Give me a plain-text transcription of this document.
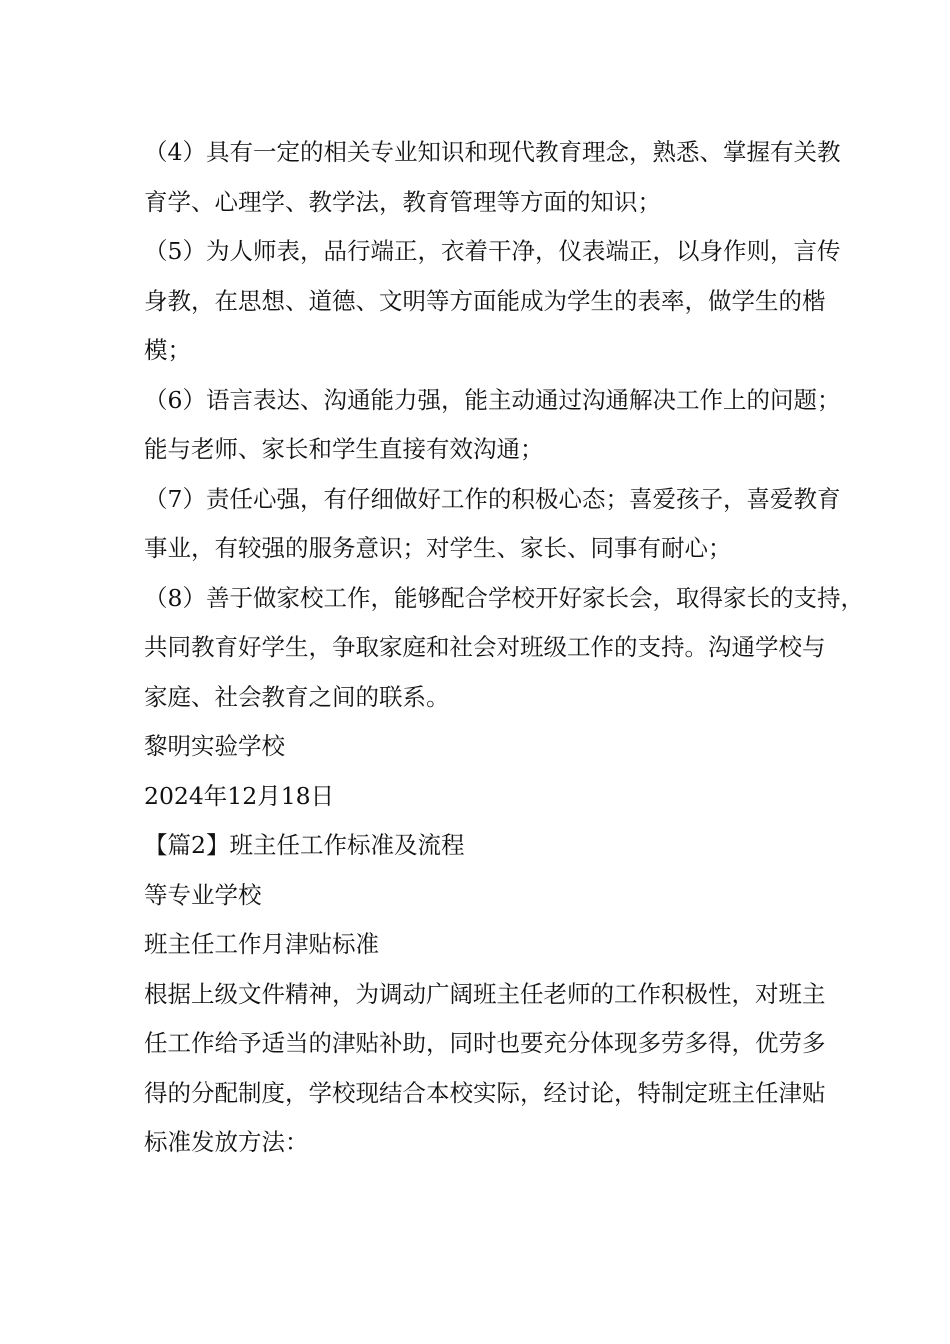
（4）具有一定的相关专业知识和现代教育理念，熟悉、掌握有关教

育学、心理学、教学法，教育管理等方面的知识；

（5）为人师表，品行端正，衣着干净，仪表端正，以身作则，言传

身教，在思想、道德、文明等方面能成为学生的表率，做学生的楷

模；

（6）语言表达、沟通能力强，能主动通过沟通解决工作上的问题；

能与老师、家长和学生直接有效沟通；

（7）责任心强，有仔细做好工作的积极心态；喜爱孩子，喜爱教育

事业，有较强的服务意识；对学生、家长、同事有耐心；

（8）善于做家校工作，能够配合学校开好家长会，取得家长的支持，

共同教育好学生，争取家庭和社会对班级工作的支持。沟通学校与

家庭、社会教育之间的联系。

黎明实验学校

2024年12月18日

【篇2】班主任工作标准及流程

等专业学校

班主任工作月津贴标准

根据上级文件精神，为调动广阔班主任老师的工作积极性，对班主

任工作给予适当的津贴补助，同时也要充分体现多劳多得，优劳多

得的分配制度，学校现结合本校实际，经讨论，特制定班主任津贴

标准发放方法：
